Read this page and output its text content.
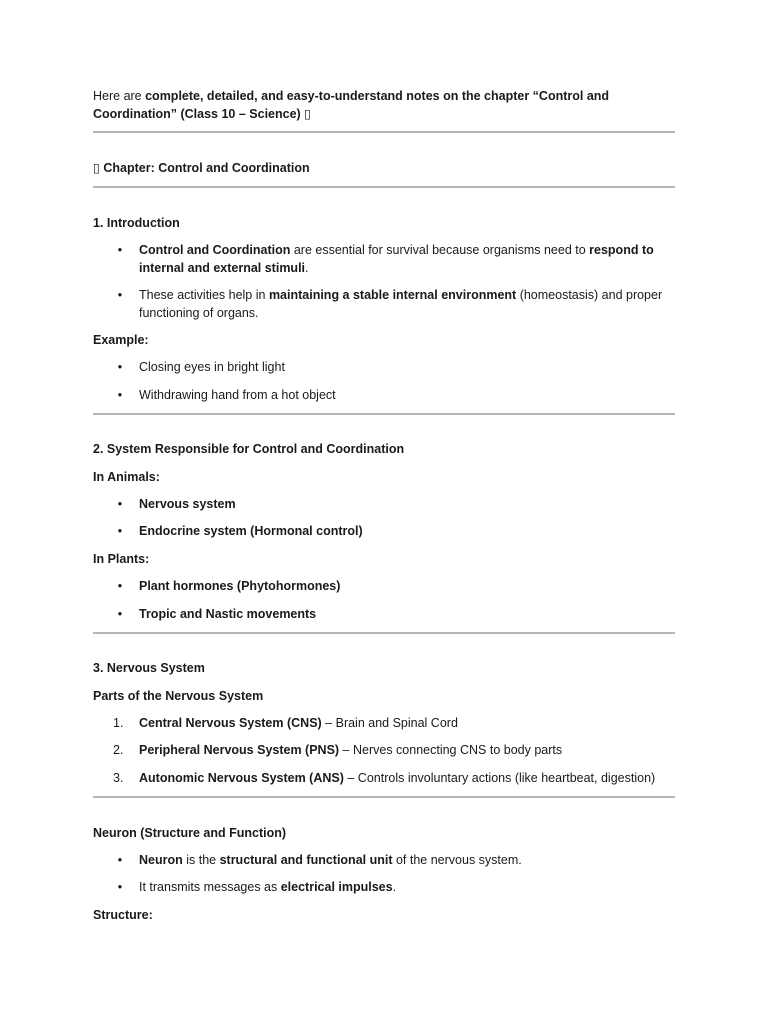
Here are complete, detailed, and easy-to-understand notes on the chapter “Control and
Coordination” (Class 10 – Science) ▯
▯ Chapter: Control and Coordination
1. Introduction
• Control and Coordination are essential for survival because organisms need to respond to
internal and external stimuli.
• These activities help in maintaining a stable internal environment (homeostasis) and proper
functioning of organs.
Example:
• Closing eyes in bright light
• Withdrawing hand from a hot object
2. System Responsible for Control and Coordination
In Animals:
• Nervous system
• Endocrine system (Hormonal control)
In Plants:
• Plant hormones (Phytohormones)
• Tropic and Nastic movements
3. Nervous System
Parts of the Nervous System
1.	Central Nervous System (CNS) – Brain and Spinal Cord
2.	Peripheral Nervous System (PNS) – Nerves connecting CNS to body parts
3.	Autonomic Nervous System (ANS) – Controls involuntary actions (like heartbeat, digestion)
Neuron (Structure and Function)
• Neuron is the structural and functional unit of the nervous system.
• It transmits messages as electrical impulses.
Structure:
